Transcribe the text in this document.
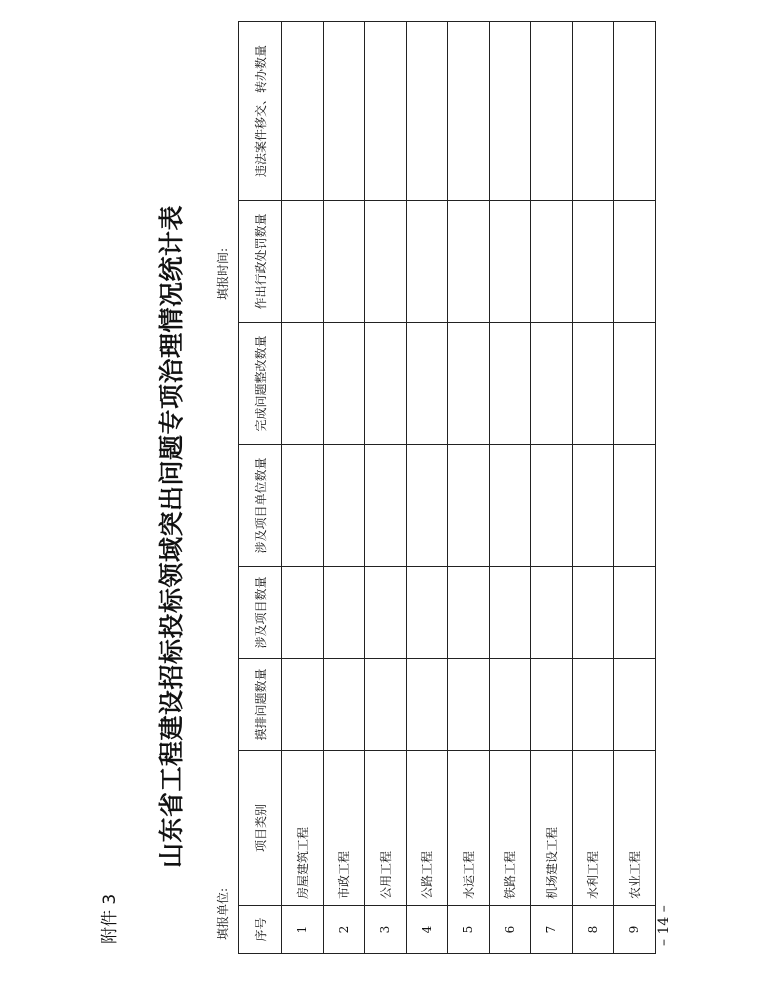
附件 3
山东省工程建设招标投标领域突出问题专项治理情况统计表
填报单位:
填报时间:
序号	项目类别	摸排问题数量	涉及项目数量	涉及项目单位数量	完成问题整改数量	作出行政处罚数量	违法案件移交、转办数量
1	房屋建筑工程						
2	市政工程						
3	公用工程						
4	公路工程						
5	水运工程						
6	铁路工程						
7	机场建设工程						
8	水利工程						
9	农业工程						
– 14 –
